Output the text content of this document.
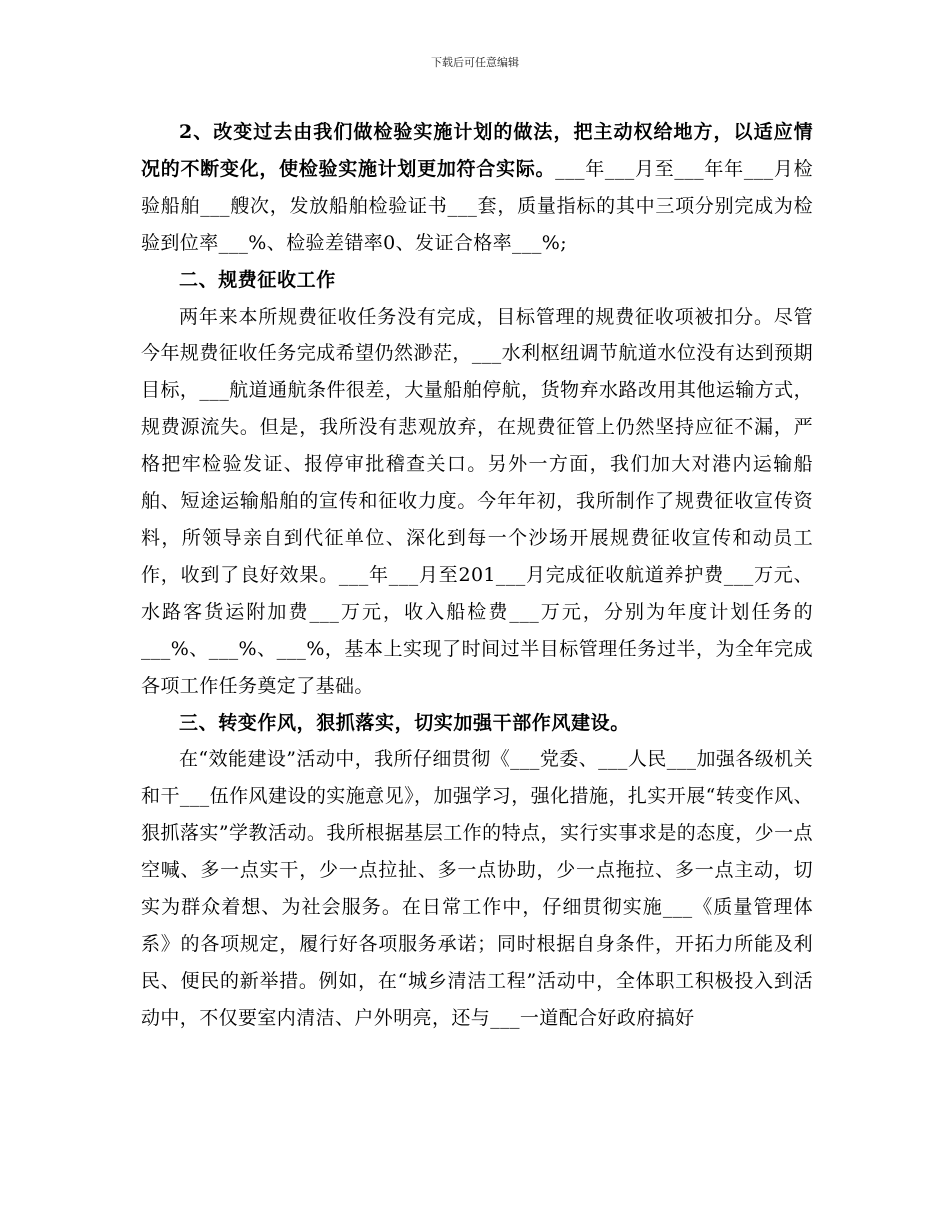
下载后可任意编辑

2、改变过去由我们做检验实施计划的做法，把主动权给地方，以适应情况的不断变化，使检验实施计划更加符合实际。___年___月至___年年___月检验船舶___艘次，发放船舶检验证书___套，质量指标的其中三项分别完成为检验到位率___%、检验差错率0、发证合格率___%;

二、规费征收工作

两年来本所规费征收任务没有完成，目标管理的规费征收项被扣分。尽管今年规费征收任务完成希望仍然渺茫，___水利枢纽调节航道水位没有达到预期目标，___航道通航条件很差，大量船舶停航，货物弃水路改用其他运输方式，规费源流失。但是，我所没有悲观放弃，在规费征管上仍然坚持应征不漏，严格把牢检验发证、报停审批稽查关口。另外一方面，我们加大对港内运输船舶、短途运输船舶的宣传和征收力度。今年年初，我所制作了规费征收宣传资料，所领导亲自到代征单位、深化到每一个沙场开展规费征收宣传和动员工作，收到了良好效果。___年___月至201___月完成征收航道养护费___万元、水路客货运附加费___万元，收入船检费___万元，分别为年度计划任务的___%、___%、___%，基本上实现了时间过半目标管理任务过半，为全年完成各项工作任务奠定了基础。

三、转变作风，狠抓落实，切实加强干部作风建设。

在“效能建设”活动中，我所仔细贯彻《___党委、___人民___加强各级机关和干___伍作风建设的实施意见》，加强学习，强化措施，扎实开展“转变作风、狠抓落实”学教活动。我所根据基层工作的特点，实行实事求是的态度，少一点空喊、多一点实干，少一点拉扯、多一点协助，少一点拖拉、多一点主动，切实为群众着想、为社会服务。在日常工作中，仔细贯彻实施___《质量管理体系》的各项规定，履行好各项服务承诺；同时根据自身条件，开拓力所能及利民、便民的新举措。例如，在“城乡清洁工程”活动中，全体职工积极投入到活动中，不仅要室内清洁、户外明亮，还与___一道配合好政府搞好
